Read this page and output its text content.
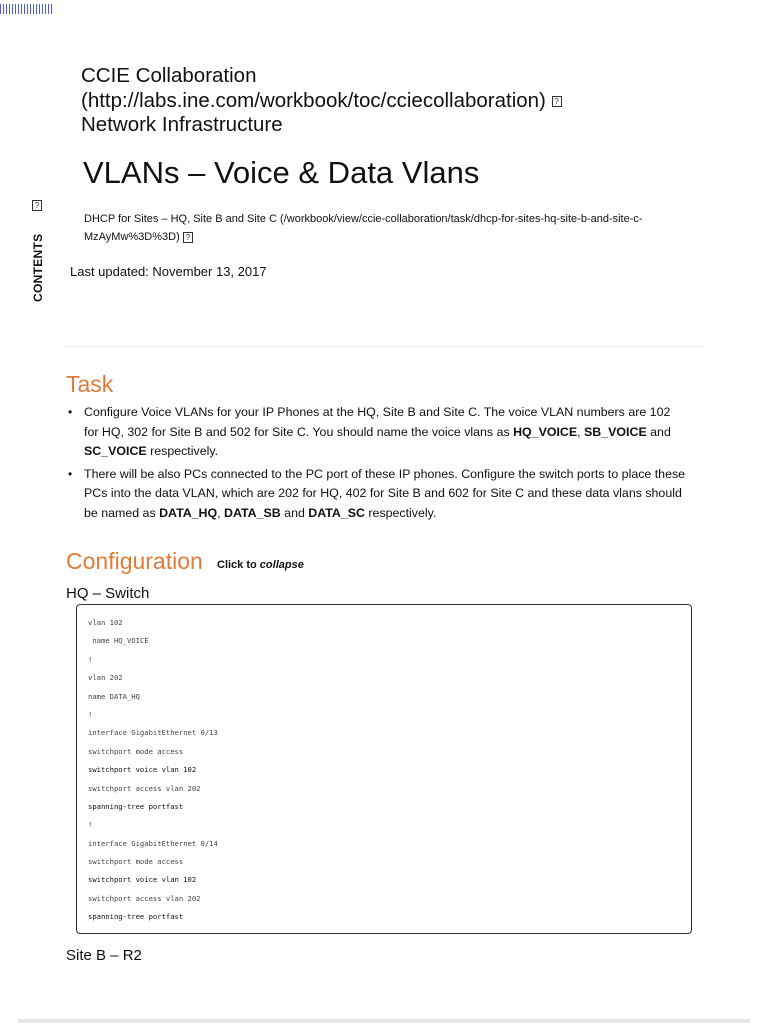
CCIE Collaboration
(http://labs.ine.com/workbook/toc/cciecollaboration) ?
Network Infrastructure
VLANs – Voice & Data Vlans
?
CONTENTS
DHCP for Sites – HQ, Site B and Site C (/workbook/view/ccie-collaboration/task/dhcp-for-sites-hq-site-b-and-site-c-MzAyMw%3D%3D) ?
Last updated: November 13, 2017
Task
• Configure Voice VLANs for your IP Phones at the HQ, Site B and Site C. The voice VLAN numbers are 102 for HQ, 302 for Site B and 502 for Site C. You should name the voice vlans as HQ_VOICE, SB_VOICE and SC_VOICE respectively.
• There will be also PCs connected to the PC port of these IP phones. Configure the switch ports to place these PCs into the data VLAN, which are 202 for HQ, 402 for Site B and 602 for Site C and these data vlans should be named as DATA_HQ, DATA_SB and DATA_SC respectively.
Configuration Click to collapse
HQ – Switch
vlan 102
name HQ_VOICE
!
vlan 202
name DATA_HQ
!
interface GigabitEthernet 0/13
switchport mode access
switchport voice vlan 102
switchport access vlan 202
spanning-tree portfast
!
interface GigabitEthernet 0/14
switchport mode access
switchport voice vlan 102
switchport access vlan 202
spanning-tree portfast
Site B – R2
